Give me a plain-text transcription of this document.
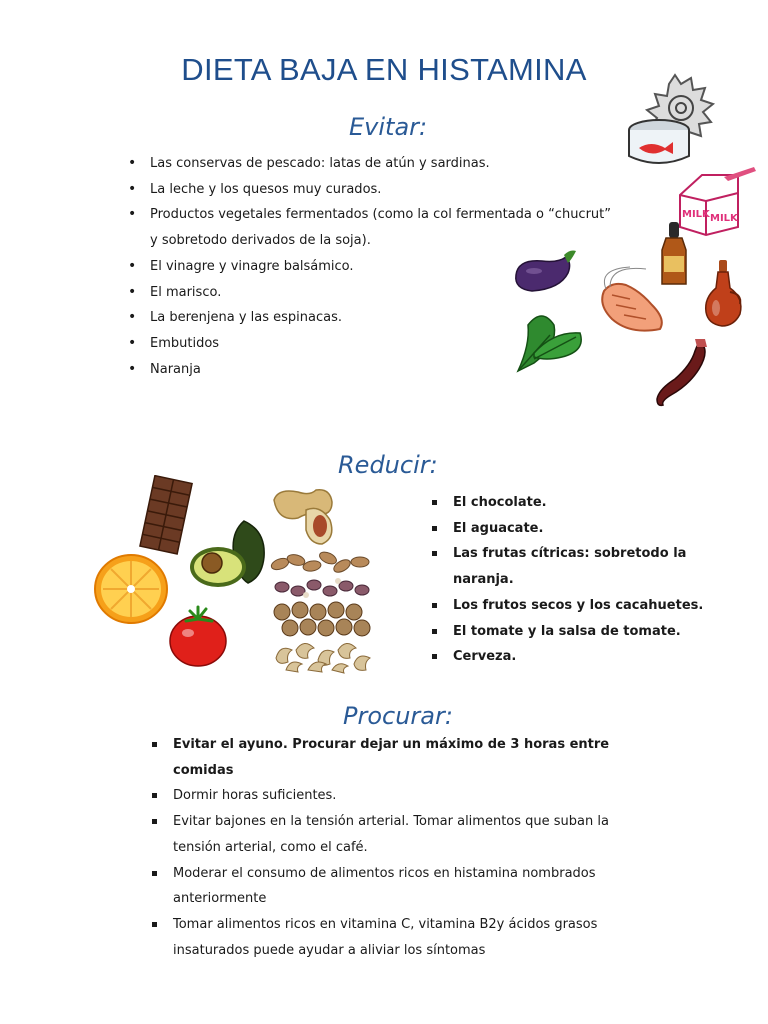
DIETA BAJA EN HISTAMINA
Evitar:
• Las conservas de pescado: latas de atún y sardinas.
• La leche y los quesos muy curados.
• Productos vegetales fermentados (como la col fermentada o “chucrut” y sobretodo derivados de la soja).
• El vinagre y vinagre balsámico.
• El marisco.
• La berenjena y las espinacas.
• Embutidos
• Naranja
MILK MILK
Reducir:
El chocolate.
El aguacate.
Las frutas cítricas: sobretodo la naranja.
Los frutos secos y los cacahuetes.
El tomate y la salsa de tomate.
Cerveza.
Procurar:
Evitar el ayuno. Procurar dejar un máximo de 3 horas entre comidas
Dormir horas suficientes.
Evitar bajones en la tensión arterial. Tomar alimentos que suban la tensión arterial, como el café.
Moderar el consumo de alimentos ricos en histamina nombrados anteriormente
Tomar alimentos ricos en vitamina C, vitamina B2y ácidos grasos insaturados puede ayudar a aliviar los síntomas
